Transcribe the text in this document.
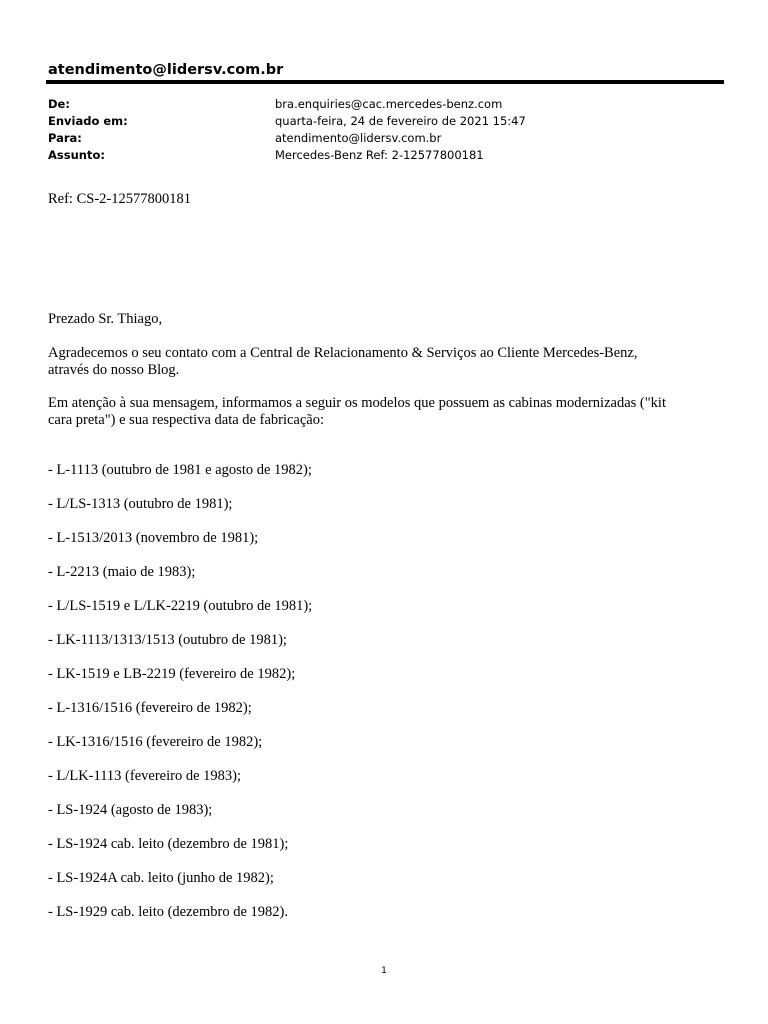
atendimento@lidersv.com.br
De:	bra.enquiries@cac.mercedes-benz.com
Enviado em:	quarta-feira, 24 de fevereiro de 2021 15:47
Para:	atendimento@lidersv.com.br
Assunto:	Mercedes-Benz Ref: 2-12577800181
Ref: CS-2-12577800181
Prezado Sr. Thiago,
Agradecemos o seu contato com a Central de Relacionamento & Serviços ao Cliente Mercedes-Benz,
através do nosso Blog.
Em atenção à sua mensagem, informamos a seguir os modelos que possuem as cabinas modernizadas ("kit
cara preta") e sua respectiva data de fabricação:
- L-1113 (outubro de 1981 e agosto de 1982);
- L/LS-1313 (outubro de 1981);
- L-1513/2013 (novembro de 1981);
- L-2213 (maio de 1983);
- L/LS-1519 e L/LK-2219 (outubro de 1981);
- LK-1113/1313/1513 (outubro de 1981);
- LK-1519 e LB-2219 (fevereiro de 1982);
- L-1316/1516 (fevereiro de 1982);
- LK-1316/1516 (fevereiro de 1982);
- L/LK-1113 (fevereiro de 1983);
- LS-1924 (agosto de 1983);
- LS-1924 cab. leito (dezembro de 1981);
- LS-1924A cab. leito (junho de 1982);
- LS-1929 cab. leito (dezembro de 1982).
1
